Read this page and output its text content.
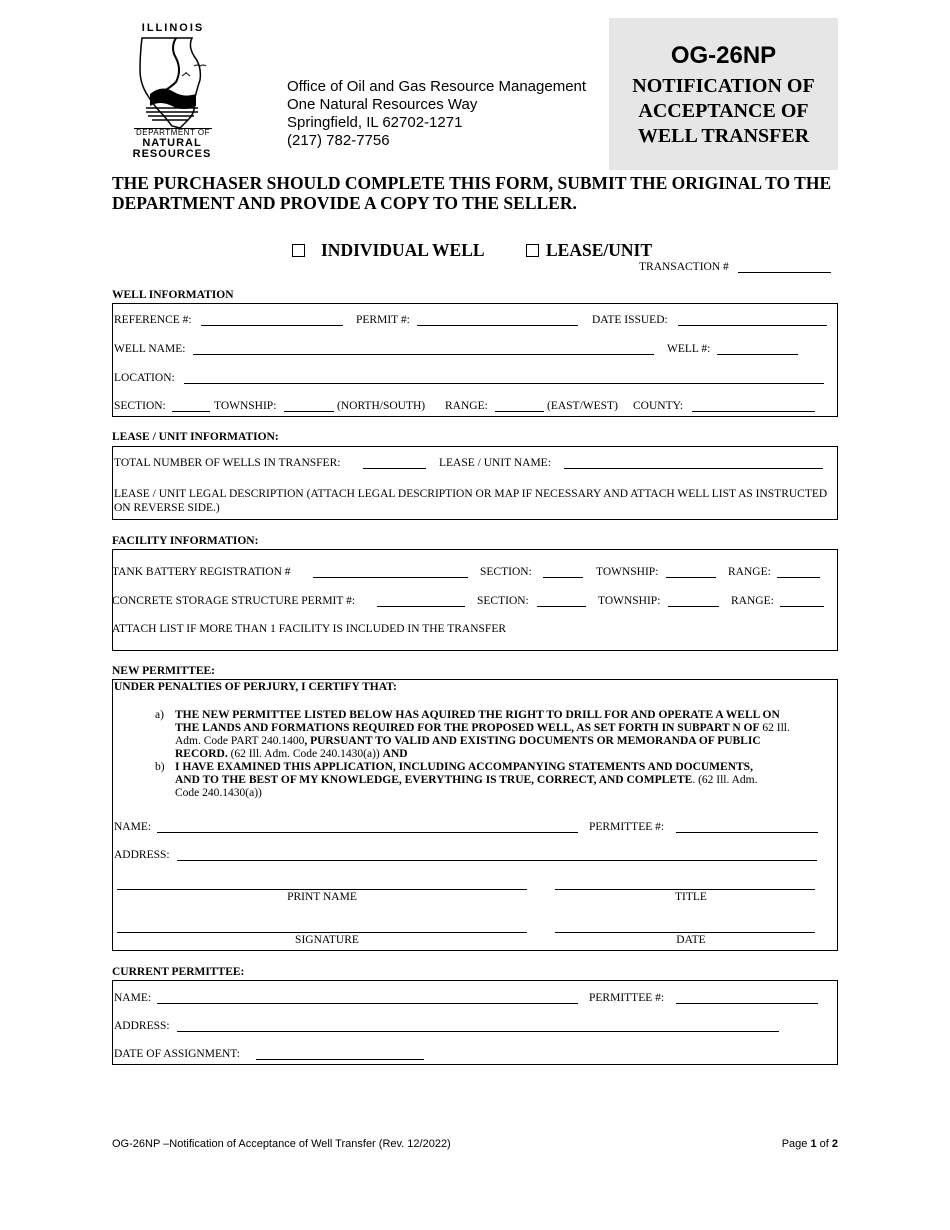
ILLINOIS
DEPARTMENT OF
NATURAL RESOURCES
Office of Oil and Gas Resource Management
One Natural Resources Way
Springfield, IL 62702-1271
(217) 782-7756
OG-26NP
NOTIFICATION OF
ACCEPTANCE OF
WELL TRANSFER
THE PURCHASER SHOULD COMPLETE THIS FORM, SUBMIT THE ORIGINAL TO THE DEPARTMENT AND PROVIDE A COPY TO THE SELLER.
INDIVIDUAL WELL	LEASE/UNIT
TRANSACTION #
WELL INFORMATION
REFERENCE #:	PERMIT #:	DATE ISSUED:
WELL NAME:	WELL #:
LOCATION:
SECTION:	TOWNSHIP:	(NORTH/SOUTH) RANGE:	(EAST/WEST) COUNTY:
LEASE / UNIT INFORMATION:
TOTAL NUMBER OF WELLS IN TRANSFER:	LEASE / UNIT NAME:
LEASE / UNIT LEGAL DESCRIPTION (ATTACH LEGAL DESCRIPTION OR MAP IF NECESSARY AND ATTACH WELL LIST AS INSTRUCTED ON REVERSE SIDE.)
FACILITY INFORMATION:
TANK BATTERY REGISTRATION #	SECTION:	TOWNSHIP:	RANGE:
CONCRETE STORAGE STRUCTURE PERMIT #:	SECTION:	TOWNSHIP:	RANGE:
ATTACH LIST IF MORE THAN 1 FACILITY IS INCLUDED IN THE TRANSFER
NEW PERMITTEE:
UNDER PENALTIES OF PERJURY, I CERTIFY THAT:
a) THE NEW PERMITTEE LISTED BELOW HAS AQUIRED THE RIGHT TO DRILL FOR AND OPERATE A WELL ON THE LANDS AND FORMATIONS REQUIRED FOR THE PROPOSED WELL, AS SET FORTH IN SUBPART N OF 62 Ill. Adm. Code PART 240.1400, PURSUANT TO VALID AND EXISTING DOCUMENTS OR MEMORANDA OF PUBLIC RECORD. (62 Ill. Adm. Code 240.1430(a)) AND
b) I HAVE EXAMINED THIS APPLICATION, INCLUDING ACCOMPANYING STATEMENTS AND DOCUMENTS, AND TO THE BEST OF MY KNOWLEDGE, EVERYTHING IS TRUE, CORRECT, AND COMPLETE. (62 Ill. Adm. Code 240.1430(a))
NAME:	PERMITTEE #:
ADDRESS:
PRINT NAME	TITLE
SIGNATURE	DATE
CURRENT PERMITTEE:
NAME:	PERMITTEE #:
ADDRESS:
DATE OF ASSIGNMENT:
OG-26NP –Notification of Acceptance of Well Transfer (Rev. 12/2022)	Page 1 of 2
